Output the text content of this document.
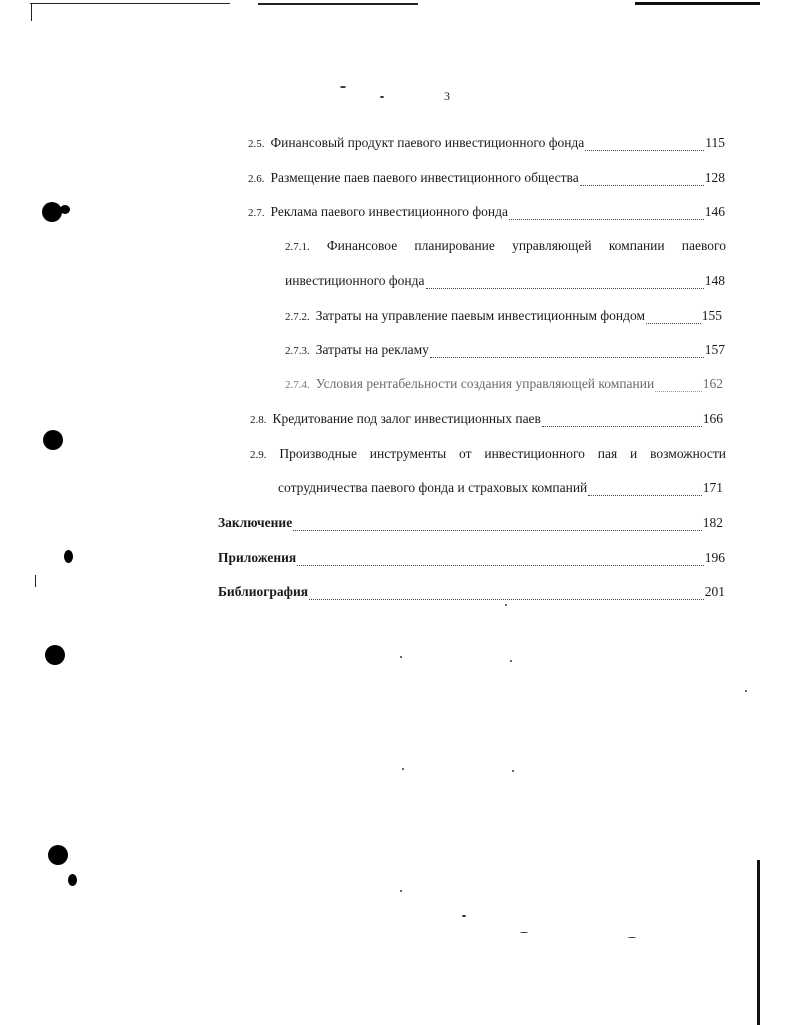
3
2.5. Финансовый продукт паевого инвестиционного фонда	115
2.6. Размещение паев паевого инвестиционного общества	128
2.7. Реклама паевого инвестиционного фонда	146
2.7.1. Финансовое планирование управляющей компании паевого
инвестиционного фонда	148
2.7.2. Затраты на управление паевым инвестиционным фондом	155
2.7.3. Затраты на рекламу	157
2.7.4. Условия рентабельности создания управляющей компании	162
2.8. Кредитование под залог инвестиционных паев	166
2.9. Производные инструменты от инвестиционного пая и возможности
сотрудничества паевого фонда и страховых компаний	171
Заключение	182
Приложения	196
Библиография	201
